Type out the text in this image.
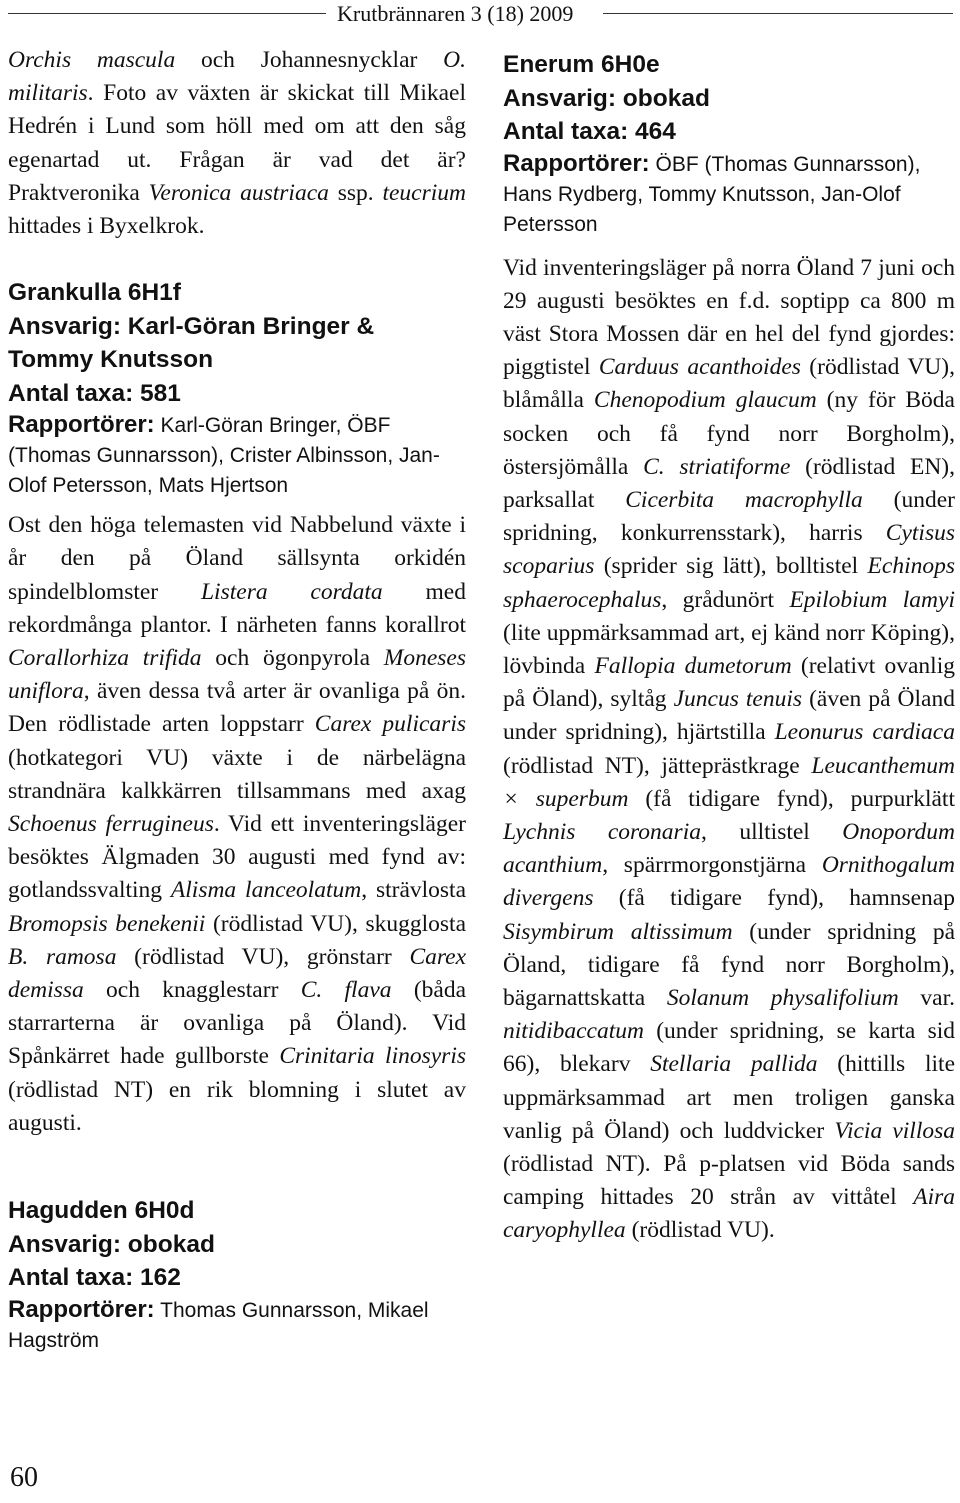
Krutbrännaren 3 (18) 2009

Orchis mascula och Johannesnycklar O. militaris. Foto av växten är skickat till Mikael Hedrén i Lund som höll med om att den såg egenartad ut. Frågan är vad det är? Praktveronika Veronica austriaca ssp. teucrium hittades i Byxelkrok.

Grankulla 6H1f
Ansvarig: Karl-Göran Bringer & Tommy Knutsson
Antal taxa: 581
Rapportörer: Karl-Göran Bringer, ÖBF (Thomas Gunnarsson), Crister Albinsson, Jan-Olof Petersson, Mats Hjertson

Ost den höga telemasten vid Nabbelund växte i år den på Öland sällsynta orkidén spindelblomster Listera cordata med rekordmånga plantor. I närheten fanns korallrot Corallorhiza trifida och ögonpyrola Moneses uniflora, även dessa två arter är ovanliga på ön. Den rödlistade arten loppstarr Carex pulicaris (hotkategori VU) växte i de närbelägna strandnära kalkkärren tillsammans med axag Schoenus ferrugineus. Vid ett inventeringsläger besöktes Älgmaden 30 augusti med fynd av: gotlandssvalting Alisma lanceolatum, strävlosta Bromopsis benekenii (rödlistad VU), skugglosta B. ramosa (rödlistad VU), grönstarr Carex demissa och knagglestarr C. flava (båda starrarterna är ovanliga på Öland). Vid Spånkärret hade gullborste Crinitaria linosyris (rödlistad NT) en rik blomning i slutet av augusti.

Hagudden 6H0d
Ansvarig: obokad
Antal taxa: 162
Rapportörer: Thomas Gunnarsson, Mikael Hagström
Enerum 6H0e
Ansvarig: obokad
Antal taxa: 464
Rapportörer: ÖBF (Thomas Gunnarsson), Hans Rydberg, Tommy Knutsson, Jan-Olof Petersson

Vid inventeringsläger på norra Öland 7 juni och 29 augusti besöktes en f.d. soptipp ca 800 m väst Stora Mossen där en hel del fynd gjordes: piggtistel Carduus acanthoides (rödlistad VU), blåmålla Chenopodium glaucum (ny för Böda socken och få fynd norr Borgholm), östersjömålla C. striatiforme (rödlistad EN), parksallat Cicerbita macrophylla (under spridning, konkurrensstark), harris Cytisus scoparius (sprider sig lätt), bolltistel Echinops sphaerocephalus, grådunört Epilobium lamyi (lite uppmärksammad art, ej känd norr Köping), lövbinda Fallopia dumetorum (relativt ovanlig på Öland), syltåg Juncus tenuis (även på Öland under spridning), hjärtstilla Leonurus cardiaca (rödlistad NT), jätteprästkrage Leucanthemum × superbum (få tidigare fynd), purpurklätt Lychnis coronaria, ulltistel Onopordum acanthium, spärrmorgonstjärna Ornithogalum divergens (få tidigare fynd), hamnsenap Sisymbirum altissimum (under spridning på Öland, tidigare få fynd norr Borgholm), bägarnattskatta Solanum physalifolium var. nitidibaccatum (under spridning, se karta sid 66), blekarv Stellaria pallida (hittills lite uppmärksammad art men troligen ganska vanlig på Öland) och luddvicker Vicia villosa (rödlistad NT). På p-platsen vid Böda sands camping hittades 20 strån av vittåtel Aira caryophyllea (rödlistad VU).

60
